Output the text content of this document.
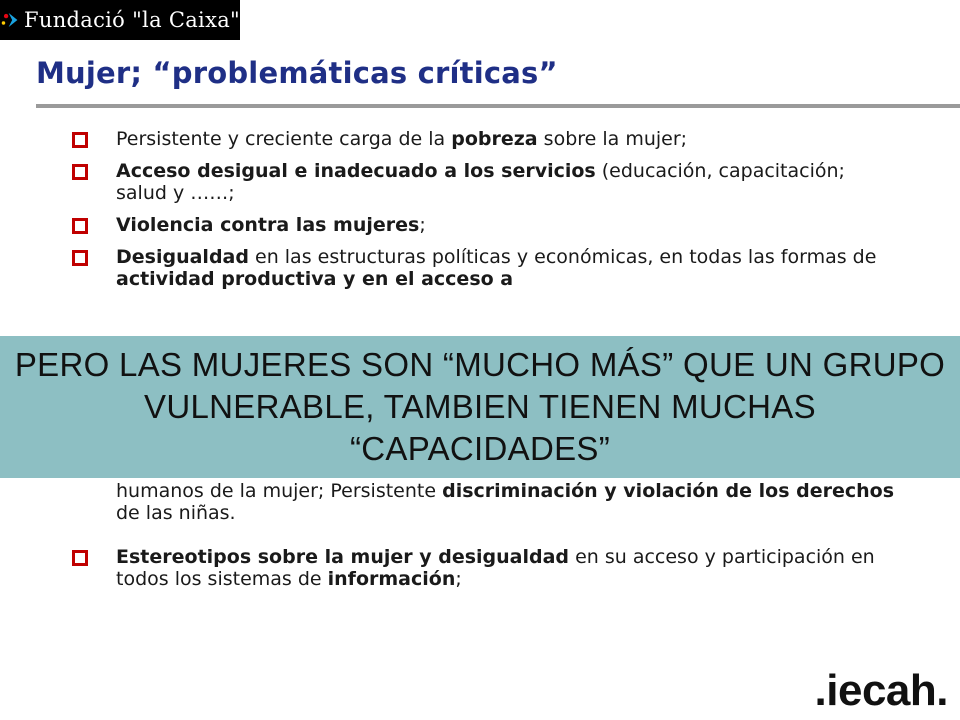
Fundació "la Caixa"
Mujer; “problemáticas críticas”
Persistente y creciente carga de la pobreza sobre la mujer;
Acceso desigual e inadecuado a los servicios (educación, capacitación; salud y ……;
Violencia contra las mujeres;
Desigualdad en las estructuras políticas y económicas, en todas las formas de actividad productiva y en el acceso a
humanos de la mujer; Persistente discriminación y violación de los derechos de las niñas.
Estereotipos sobre la mujer y desigualdad en su acceso y participación en todos los sistemas de información;
PERO LAS MUJERES SON “MUCHO MÁS” QUE UN GRUPO VULNERABLE, TAMBIEN TIENEN MUCHAS “CAPACIDADES”
.iecah.
